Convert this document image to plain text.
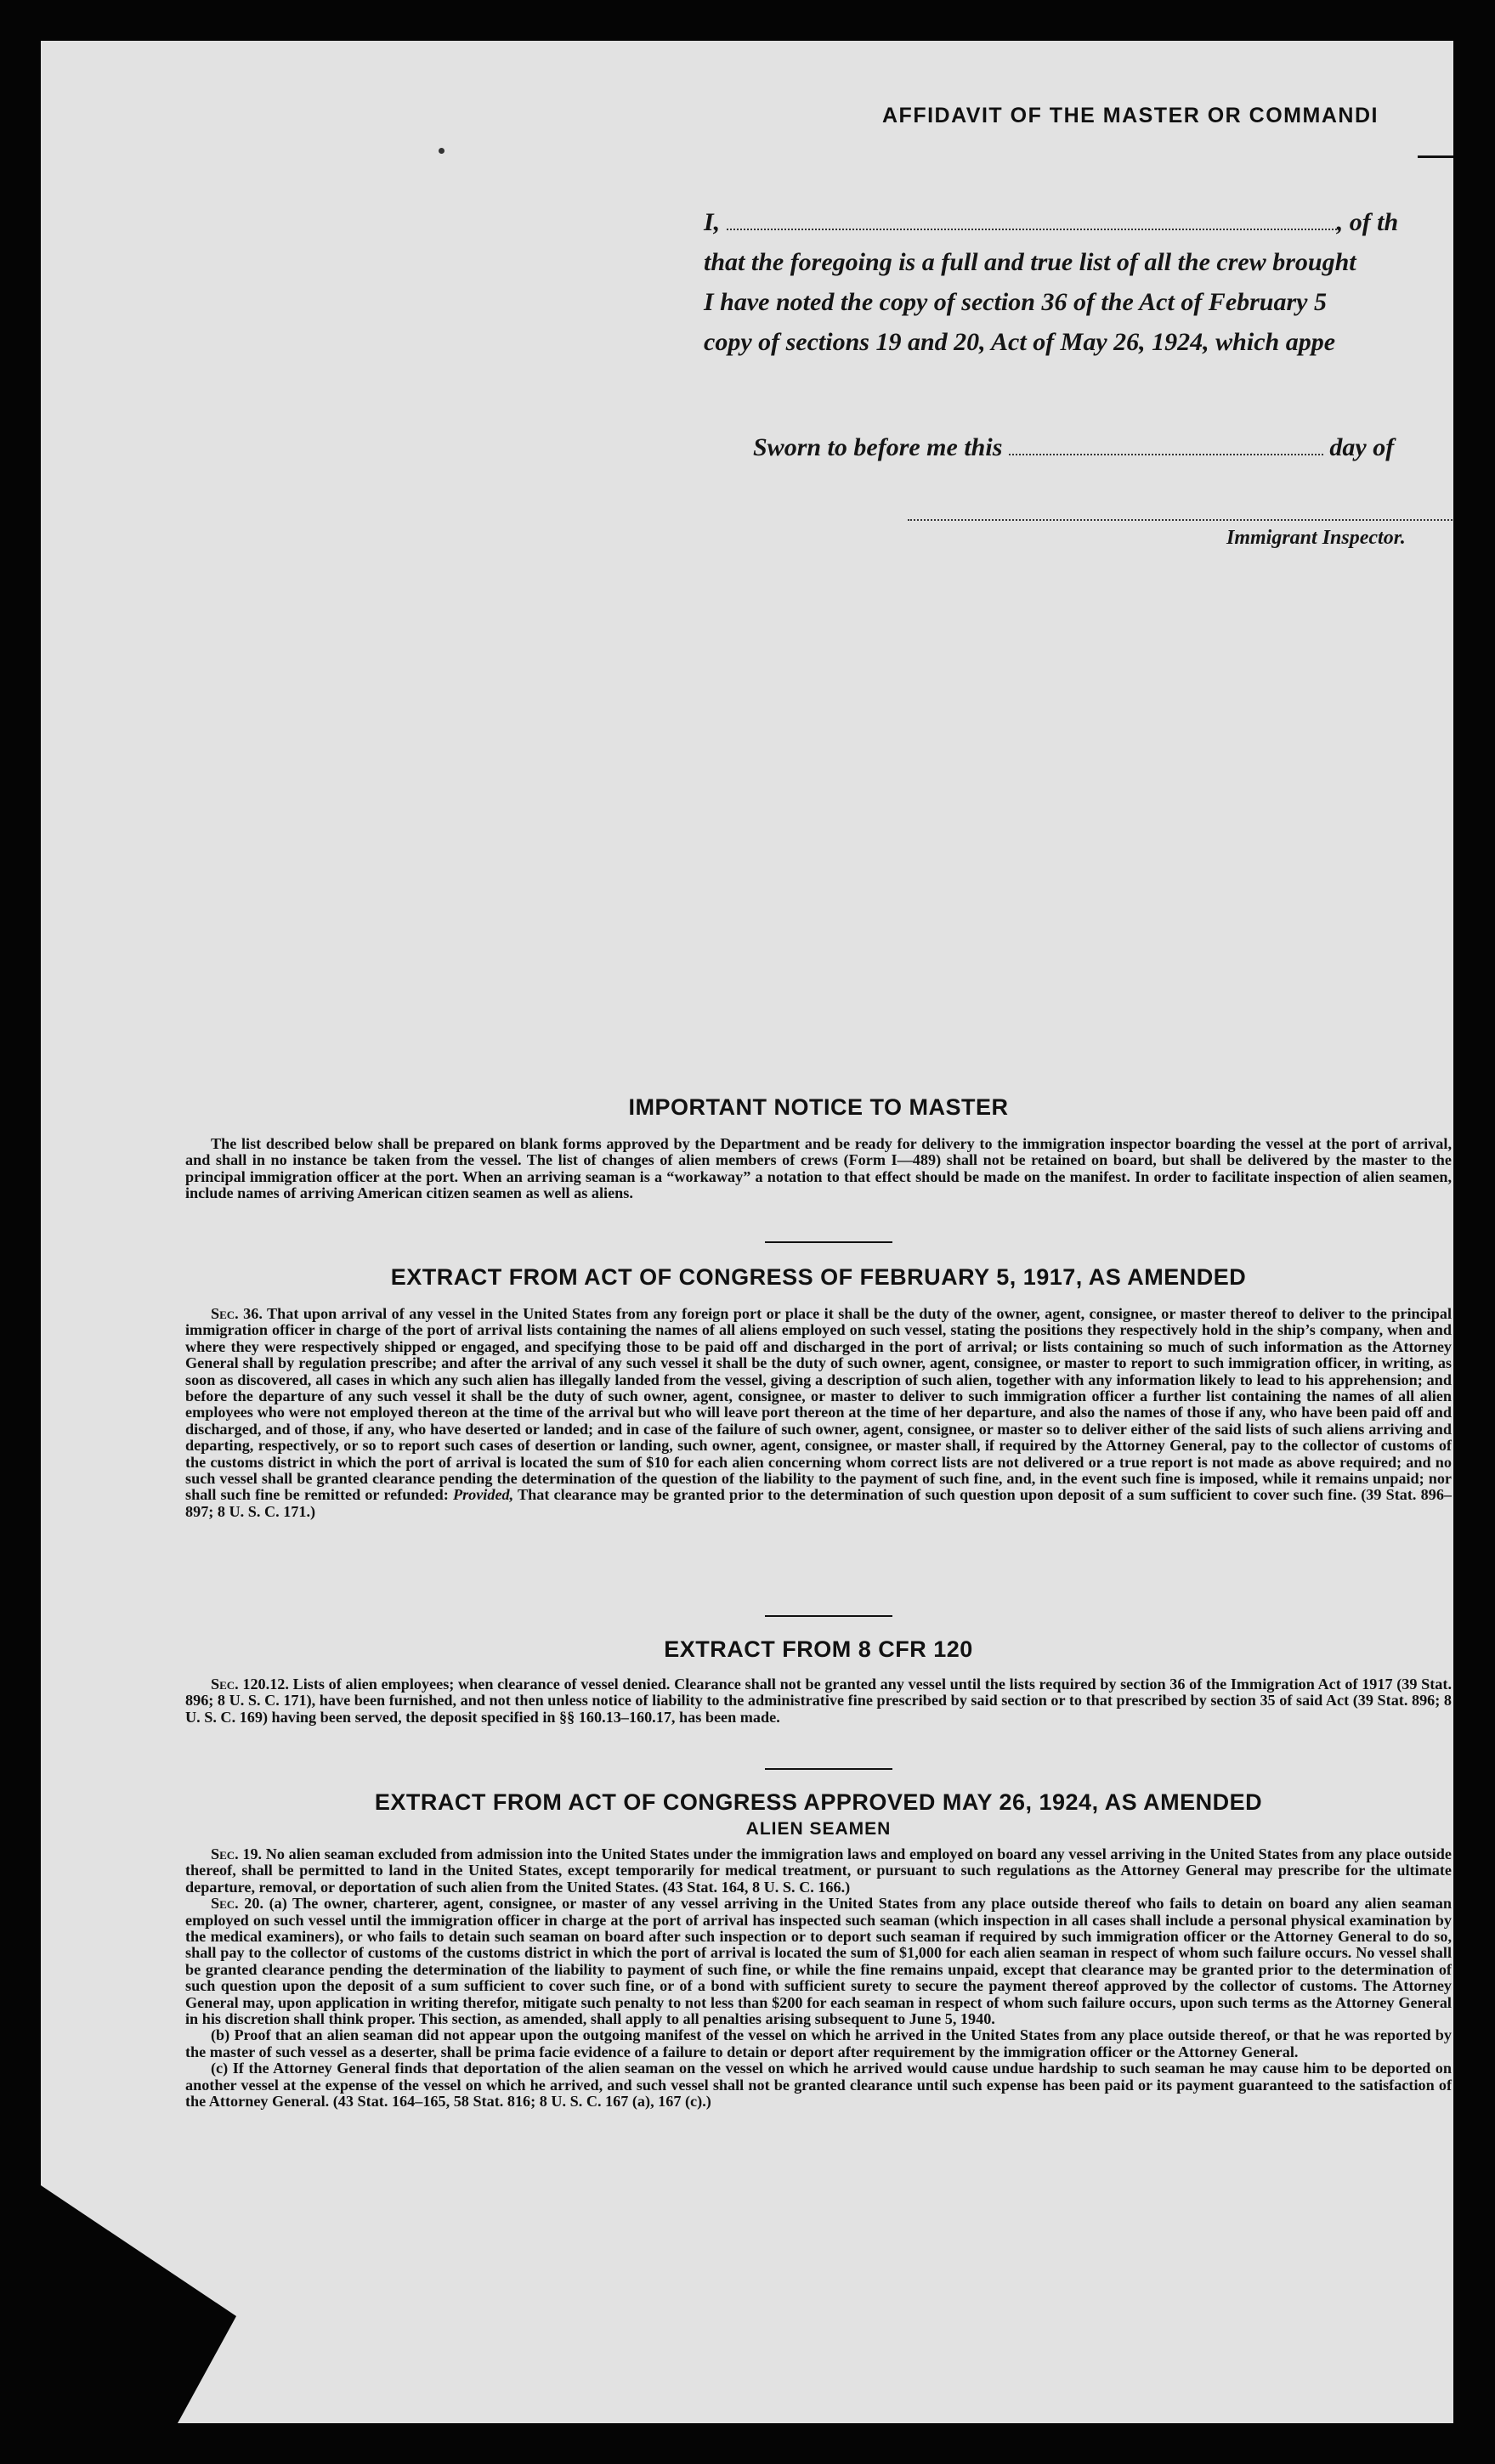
AFFIDAVIT OF THE MASTER OR COMMANDI
I,	, of th
that the foregoing is a full and true list of all the crew brought
I have noted the copy of section 36 of the Act of February 5
copy of sections 19 and 20, Act of May 26, 1924, which appe
Sworn to before me this	day of
Immigrant Inspector.
IMPORTANT NOTICE TO MASTER

The list described below shall be prepared on blank forms approved by the Department and be ready for delivery to the immigration inspector boarding the vessel at the port of arrival, and shall in no instance be taken from the vessel. The list of changes of alien members of crews (Form I—489) shall not be retained on board, but shall be delivered by the master to the principal immigration officer at the port. When an arriving seaman is a “workaway” a notation to that effect should be made on the manifest. In order to facilitate inspection of alien seamen, include names of arriving American citizen seamen as well as aliens.

EXTRACT FROM ACT OF CONGRESS OF FEBRUARY 5, 1917, AS AMENDED

Sec. 36. That upon arrival of any vessel in the United States from any foreign port or place it shall be the duty of the owner, agent, consignee, or master thereof to deliver to the principal immigration officer in charge of the port of arrival lists containing the names of all aliens employed on such vessel, stating the positions they respectively hold in the ship’s company, when and where they were respectively shipped or engaged, and specifying those to be paid off and discharged in the port of arrival; or lists containing so much of such information as the Attorney General shall by regulation prescribe; and after the arrival of any such vessel it shall be the duty of such owner, agent, consignee, or master to report to such immigration officer, in writing, as soon as discovered, all cases in which any such alien has illegally landed from the vessel, giving a description of such alien, together with any information likely to lead to his apprehension; and before the departure of any such vessel it shall be the duty of such owner, agent, consignee, or master to deliver to such immigration officer a further list containing the names of all alien employees who were not employed thereon at the time of the arrival but who will leave port thereon at the time of her departure, and also the names of those if any, who have been paid off and discharged, and of those, if any, who have deserted or landed; and in case of the failure of such owner, agent, consignee, or master so to deliver either of the said lists of such aliens arriving and departing, respectively, or so to report such cases of desertion or landing, such owner, agent, consignee, or master shall, if required by the Attorney General, pay to the collector of customs of the customs district in which the port of arrival is located the sum of $10 for each alien concerning whom correct lists are not delivered or a true report is not made as above required; and no such vessel shall be granted clearance pending the determination of the question of the liability to the payment of such fine, and, in the event such fine is imposed, while it remains unpaid; nor shall such fine be remitted or refunded: Provided, That clearance may be granted prior to the determination of such question upon deposit of a sum sufficient to cover such fine. (39 Stat. 896–897; 8 U. S. C. 171.)

EXTRACT FROM 8 CFR 120

Sec. 120.12. Lists of alien employees; when clearance of vessel denied. Clearance shall not be granted any vessel until the lists required by section 36 of the Immigration Act of 1917 (39 Stat. 896; 8 U. S. C. 171), have been furnished, and not then unless notice of liability to the administrative fine prescribed by said section or to that prescribed by section 35 of said Act (39 Stat. 896; 8 U. S. C. 169) having been served, the deposit specified in §§ 160.13–160.17, has been made.

EXTRACT FROM ACT OF CONGRESS APPROVED MAY 26, 1924, AS AMENDED
ALIEN SEAMEN

Sec. 19. No alien seaman excluded from admission into the United States under the immigration laws and employed on board any vessel arriving in the United States from any place outside thereof, shall be permitted to land in the United States, except temporarily for medical treatment, or pursuant to such regulations as the Attorney General may prescribe for the ultimate departure, removal, or deportation of such alien from the United States. (43 Stat. 164, 8 U. S. C. 166.)

Sec. 20. (a) The owner, charterer, agent, consignee, or master of any vessel arriving in the United States from any place outside thereof who fails to detain on board any alien seaman employed on such vessel until the immigration officer in charge at the port of arrival has inspected such seaman (which inspection in all cases shall include a personal physical examination by the medical examiners), or who fails to detain such seaman on board after such inspection or to deport such seaman if required by such immigration officer or the Attorney General to do so, shall pay to the collector of customs of the customs district in which the port of arrival is located the sum of $1,000 for each alien seaman in respect of whom such failure occurs. No vessel shall be granted clearance pending the determination of the liability to payment of such fine, or while the fine remains unpaid, except that clearance may be granted prior to the determination of such question upon the deposit of a sum sufficient to cover such fine, or of a bond with sufficient surety to secure the payment thereof approved by the collector of customs. The Attorney General may, upon application in writing therefor, mitigate such penalty to not less than $200 for each seaman in respect of whom such failure occurs, upon such terms as the Attorney General in his discretion shall think proper. This section, as amended, shall apply to all penalties arising subsequent to June 5, 1940.

(b) Proof that an alien seaman did not appear upon the outgoing manifest of the vessel on which he arrived in the United States from any place outside thereof, or that he was reported by the master of such vessel as a deserter, shall be prima facie evidence of a failure to detain or deport after requirement by the immigration officer or the Attorney General.

(c) If the Attorney General finds that deportation of the alien seaman on the vessel on which he arrived would cause undue hardship to such seaman he may cause him to be deported on another vessel at the expense of the vessel on which he arrived, and such vessel shall not be granted clearance until such expense has been paid or its payment guaranteed to the satisfaction of the Attorney General. (43 Stat. 164–165, 58 Stat. 816; 8 U. S. C. 167 (a), 167 (c).)
